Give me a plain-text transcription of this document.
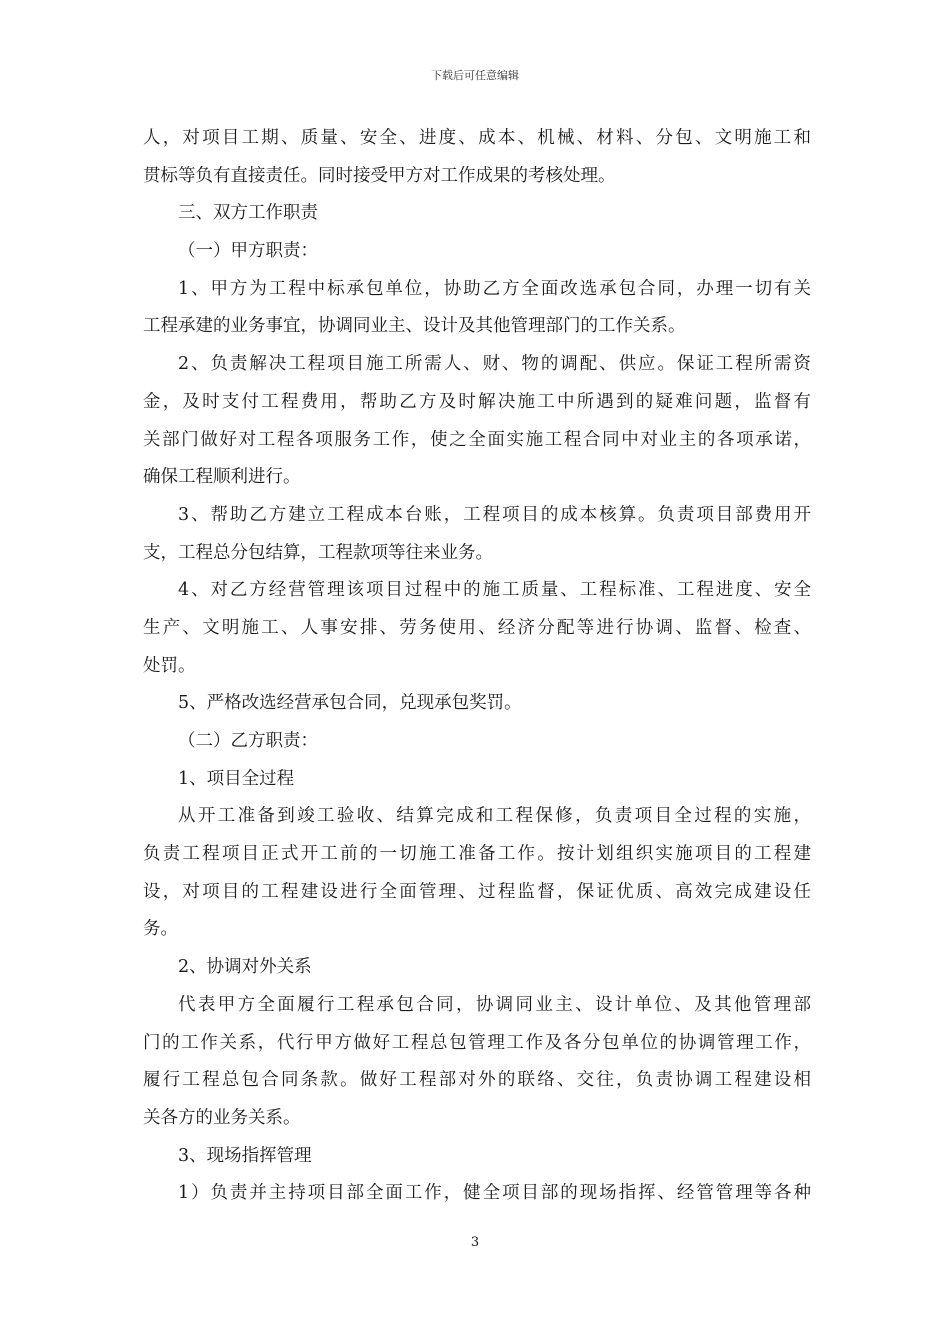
下载后可任意编辑
人，对项目工期、质量、安全、进度、成本、机械、材料、分包、文明施工和
贯标等负有直接责任。同时接受甲方对工作成果的考核处理。
三、双方工作职责
（一）甲方职责：
1、甲方为工程中标承包单位，协助乙方全面改选承包合同，办理一切有关
工程承建的业务事宜，协调同业主、设计及其他管理部门的工作关系。
2、负责解决工程项目施工所需人、财、物的调配、供应。保证工程所需资
金，及时支付工程费用，帮助乙方及时解决施工中所遇到的疑难问题，监督有
关部门做好对工程各项服务工作，使之全面实施工程合同中对业主的各项承诺，
确保工程顺利进行。
3、帮助乙方建立工程成本台账，工程项目的成本核算。负责项目部费用开
支，工程总分包结算，工程款项等往来业务。
4、对乙方经营管理该项目过程中的施工质量、工程标准、工程进度、安全
生产、文明施工、人事安排、劳务使用、经济分配等进行协调、监督、检查、
处罚。
5、严格改选经营承包合同，兑现承包奖罚。
（二）乙方职责：
1、项目全过程
从开工准备到竣工验收、结算完成和工程保修，负责项目全过程的实施，
负责工程项目正式开工前的一切施工准备工作。按计划组织实施项目的工程建
设，对项目的工程建设进行全面管理、过程监督，保证优质、高效完成建设任
务。
2、协调对外关系
代表甲方全面履行工程承包合同，协调同业主、设计单位、及其他管理部
门的工作关系，代行甲方做好工程总包管理工作及各分包单位的协调管理工作，
履行工程总包合同条款。做好工程部对外的联络、交往，负责协调工程建设相
关各方的业务关系。
3、现场指挥管理
1）负责并主持项目部全面工作，健全项目部的现场指挥、经管管理等各种
3
